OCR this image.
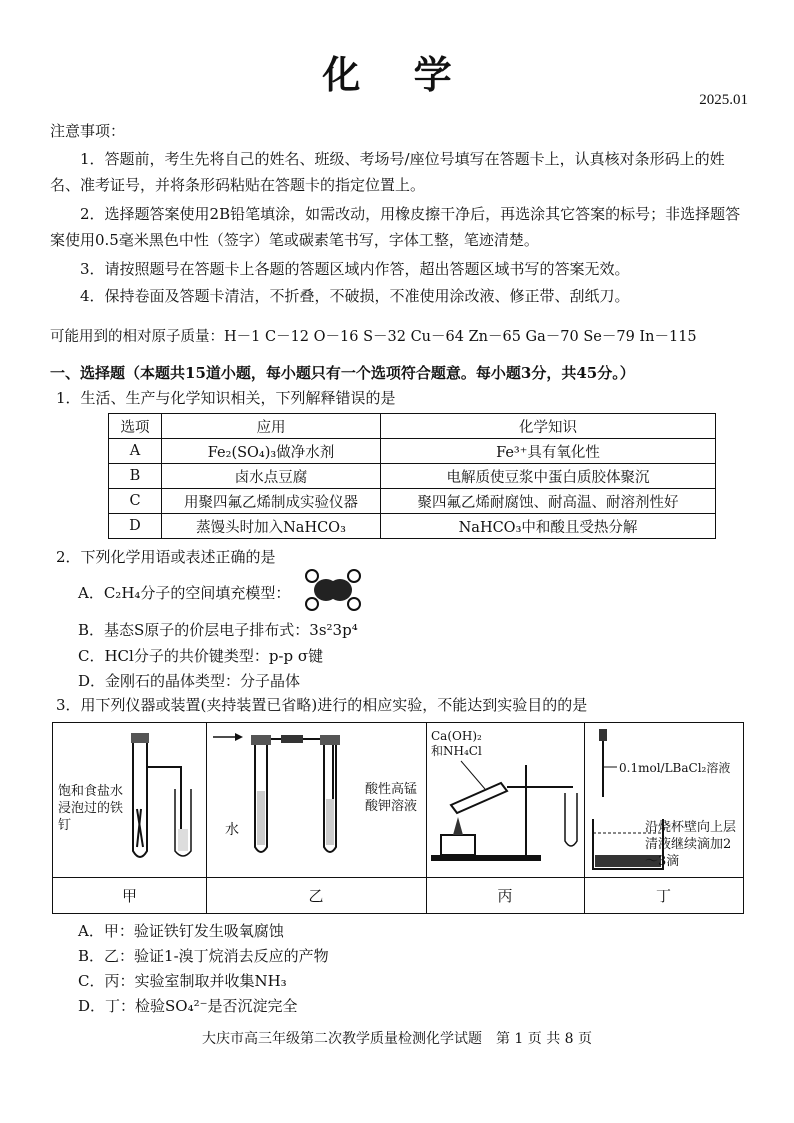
化 学
2025.01
注意事项：
1．答题前，考生先将自己的姓名、班级、考场号/座位号填写在答题卡上，认真核对条形码上的姓名、准考证号，并将条形码粘贴在答题卡的指定位置上。
2．选择题答案使用2B铅笔填涂，如需改动，用橡皮擦干净后，再选涂其它答案的标号；非选择题答案使用0.5毫米黑色中性（签字）笔或碳素笔书写，字体工整，笔迹清楚。
3．请按照题号在答题卡上各题的答题区域内作答，超出答题区域书写的答案无效。
4．保持卷面及答题卡清洁，不折叠，不破损，不准使用涂改液、修正带、刮纸刀。
可能用到的相对原子质量：H－1 C－12 O－16 S－32 Cu－64 Zn－65 Ga－70 Se－79 In－115
一、选择题（本题共15道小题，每小题只有一个选项符合题意。每小题3分，共45分。）
1．生活、生产与化学知识相关，下列解释错误的是
选项	应用	化学知识
A	Fe₂(SO₄)₃做净水剂	Fe³⁺具有氧化性
B	卤水点豆腐	电解质使豆浆中蛋白质胶体聚沉
C	用聚四氟乙烯制成实验仪器	聚四氟乙烯耐腐蚀、耐高温、耐溶剂性好
D	蒸馒头时加入NaHCO₃	NaHCO₃中和酸且受热分解
2．下列化学用语或表述正确的是
A．C₂H₄分子的空间填充模型：
B．基态S原子的价层电子排布式：3s²3p⁴
C．HCl分子的共价键类型：p-p σ键
D．金刚石的晶体类型：分子晶体
3．用下列仪器或装置(夹持装置已省略)进行的相应实验，不能达到实验目的的是
甲	乙	丙	丁
饱和食盐水浸泡过的铁钉	水
酸性高锰酸钾溶液
Ca(OH)₂和NH₄Cl
0.1mol/LBaCl₂溶液
沿烧杯壁向上层清液继续滴加2～3滴
A．甲：验证铁钉发生吸氧腐蚀
B．乙：验证1-溴丁烷消去反应的产物
C．丙：实验室制取并收集NH₃
D．丁：检验SO₄²⁻是否沉淀完全
大庆市高三年级第二次教学质量检测化学试题　第 1 页 共 8 页
